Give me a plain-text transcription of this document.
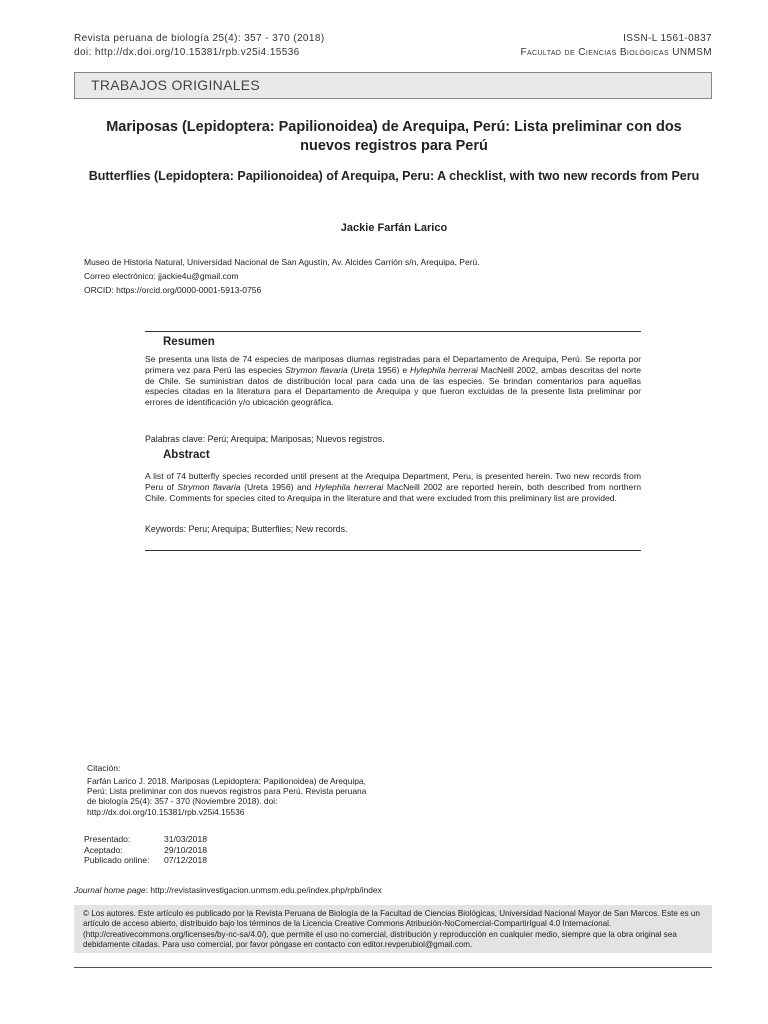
Revista peruana de biología 25(4): 357 - 370 (2018)
doi: http://dx.doi.org/10.15381/rpb.v25i4.15536
ISSN-L 1561-0837
Facultad de Ciencias Biológicas UNMSM
TRABAJOS ORIGINALES
Mariposas (Lepidoptera: Papilionoidea) de Arequipa, Perú: Lista preliminar con dos nuevos registros para Perú
Butterflies (Lepidoptera: Papilionoidea) of Arequipa, Peru: A checklist, with two new records from Peru
Jackie Farfán Larico
Museo de Historia Natural, Universidad Nacional de San Agustín, Av. Alcides Carrión s/n, Arequipa, Perú.
Correo electrónico: jjackie4u@gmail.com
ORCID: https://orcid.org/0000-0001-5913-0756
Resumen
Se presenta una lista de 74 especies de mariposas diurnas registradas para el Departamento de Arequipa, Perú. Se reporta por primera vez para Perú las especies Strymon flavaria (Ureta 1956) e Hylephila herrerai MacNeill 2002, ambas descritas del norte de Chile. Se suministran datos de distribución local para cada una de las especies. Se brindan comentarios para aquellas especies citadas en la literatura para el Departamento de Arequipa y que fueron excluidas de la presente lista preliminar por errores de identificación y/o ubicación geográfica.
Palabras clave: Perú; Arequipa; Mariposas; Nuevos registros.
Abstract
A list of 74 butterfly species recorded until present at the Arequipa Department, Peru, is presented herein. Two new records from Peru of Strymon flavaria (Ureta 1956) and Hylephila herrerai MacNeill 2002 are reported herein, both described from northern Chile. Comments for species cited to Arequipa in the literature and that were excluded from this preliminary list are provided.
Keywords: Peru; Arequipa; Butterflies; New records.
Citación:
Farfán Larico J. 2018. Mariposas (Lepidoptera: Papilionoidea) de Arequipa, Perú: Lista preliminar con dos nuevos registros para Perú. Revista peruana de biología 25(4): 357 - 370 (Noviembre 2018). doi: http://dx.doi.org/10.15381/rpb.v25i4.15536
Presentado:	31/03/2018
Aceptado:	29/10/2018
Publicado online: 07/12/2018
Journal home page: http://revistasinvestigacion.unmsm.edu.pe/index.php/rpb/index
© Los autores. Este artículo es publicado por la Revista Peruana de Biología de la Facultad de Ciencias Biológicas, Universidad Nacional Mayor de San Marcos. Este es un artículo de acceso abierto, distribuido bajo los términos de la Licencia Creative Commons Atribución-NoComercial-CompartirIgual 4.0 Internacional.(http://creativecommons.org/licenses/by-nc-sa/4.0/), que permite el uso no comercial, distribución y reproducción en cualquier medio, siempre que la obra original sea debidamente citadas. Para uso comercial, por favor póngase en contacto con editor.revperubiol@gmail.com.
